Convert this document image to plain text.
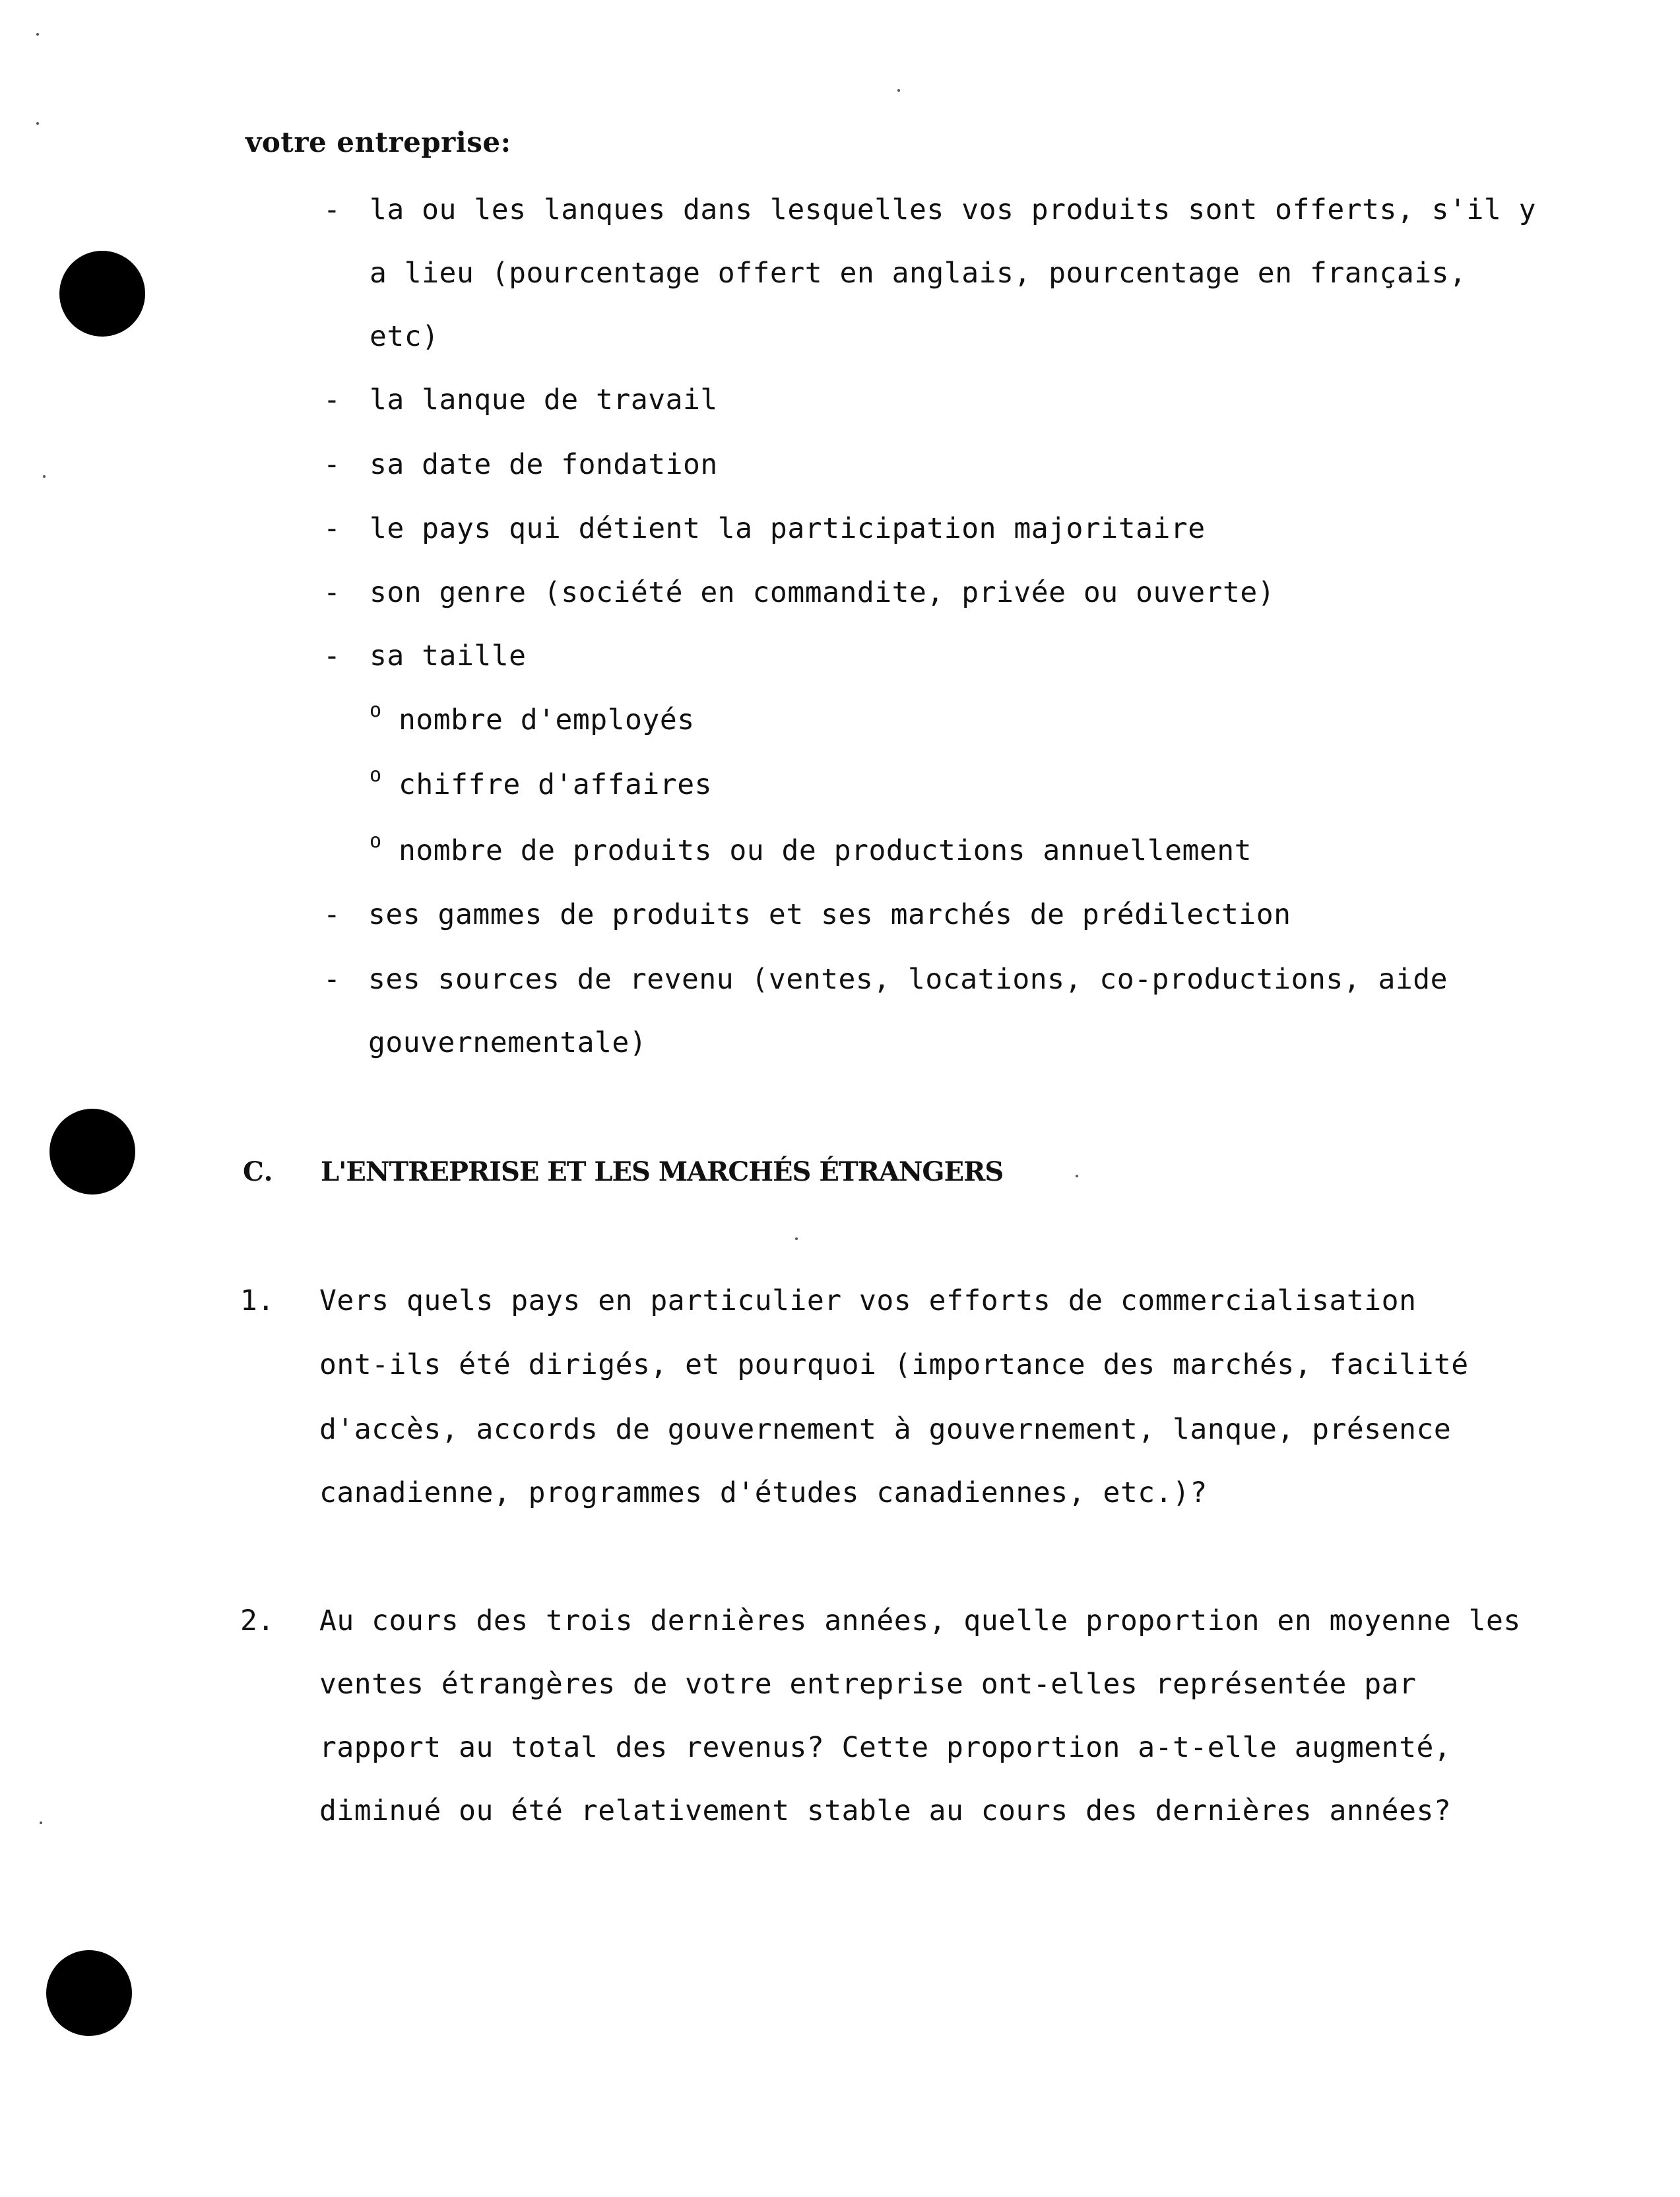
votre entreprise:
- la ou les lanques dans lesquelles vos produits sont offerts, s'il y
a lieu (pourcentage offert en anglais, pourcentage en français,
etc)
- la lanque de travail
- sa date de fondation
- le pays qui détient la participation majoritaire
- son genre (société en commandite, privée ou ouverte)
- sa taille
o nombre d'employés
o chiffre d'affaires
o nombre de produits ou de productions annuellement
- ses gammes de produits et ses marchés de prédilection
- ses sources de revenu (ventes, locations, co-productions, aide
gouvernementale)
C. L'ENTREPRISE ET LES MARCHÉS ÉTRANGERS
1. Vers quels pays en particulier vos efforts de commercialisation
ont-ils été dirigés, et pourquoi (importance des marchés, facilité
d'accès, accords de gouvernement à gouvernement, lanque, présence
canadienne, programmes d'études canadiennes, etc.)?
2. Au cours des trois dernières années, quelle proportion en moyenne les
ventes étrangères de votre entreprise ont-elles représentée par
rapport au total des revenus? Cette proportion a-t-elle augmenté,
diminué ou été relativement stable au cours des dernières années?
